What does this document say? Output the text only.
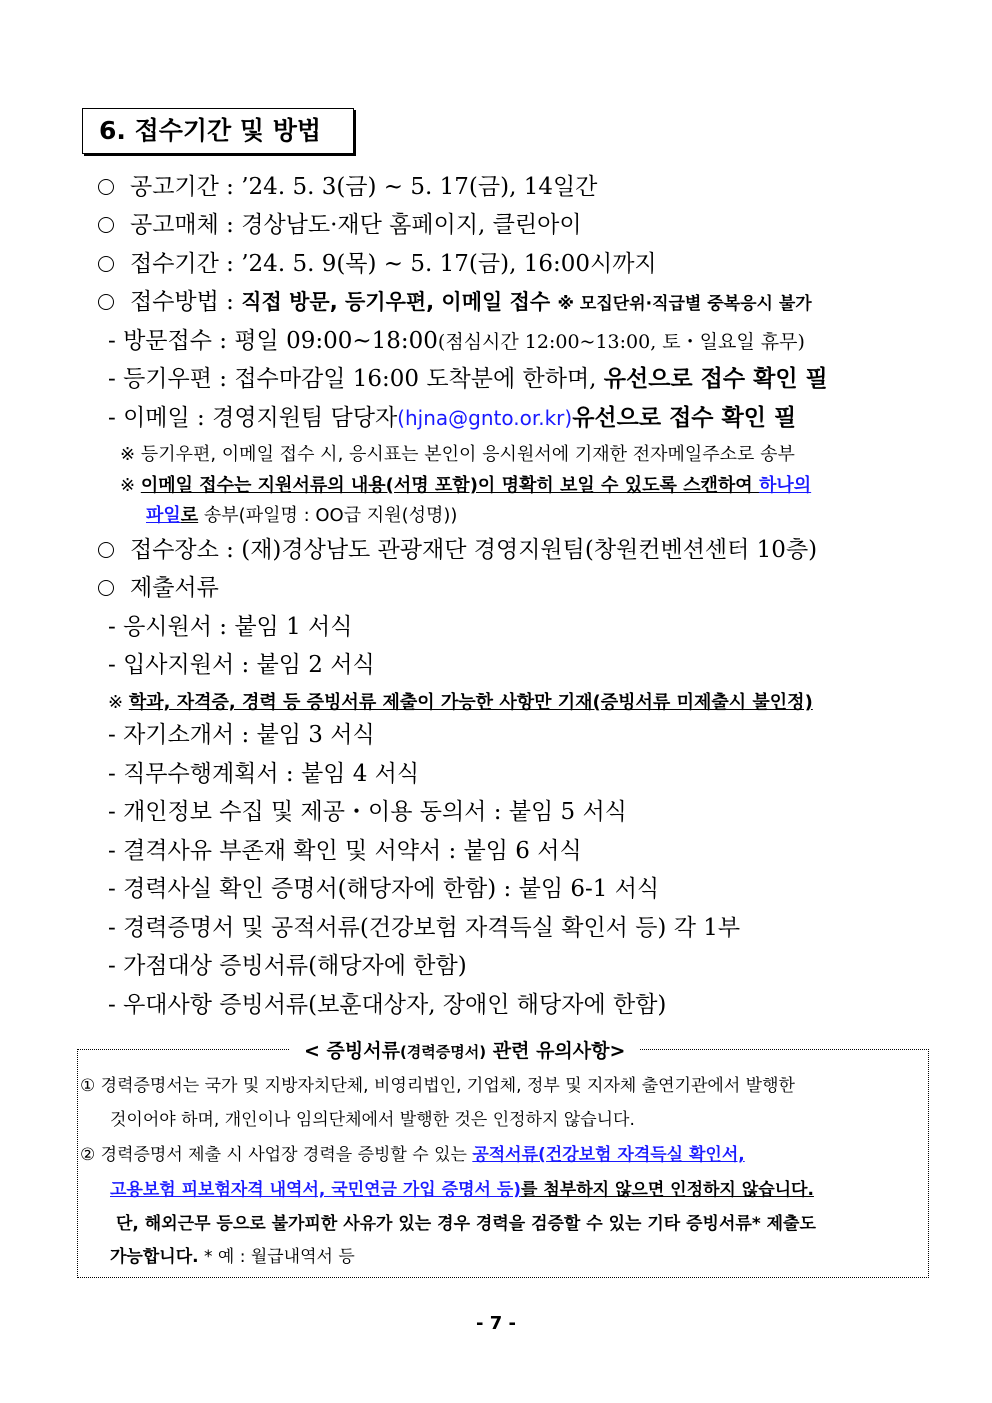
6. 접수기간 및 방법
공고기간 : ’24. 5. 3(금) ~ 5. 17(금), 14일간
공고매체 : 경상남도·재단 홈페이지, 클린아이
접수기간 : ’24. 5. 9(목) ~ 5. 17(금), 16:00시까지
접수방법 : 직접 방문, 등기우편, 이메일 접수 ※ 모집단위·직급별 중복응시 불가
- 방문접수 : 평일 09:00~18:00(점심시간 12:00~13:00, 토・일요일 휴무)
- 등기우편 : 접수마감일 16:00 도착분에 한하며, 유선으로 접수 확인 필
- 이메일 : 경영지원팀 담당자(hjna@gnto.or.kr)유선으로 접수 확인 필
※ 등기우편, 이메일 접수 시, 응시표는 본인이 응시원서에 기재한 전자메일주소로 송부
※ 이메일 접수는 지원서류의 내용(서명 포함)이 명확히 보일 수 있도록 스캔하여 하나의
파일로 송부(파일명 : OO급 지원(성명))
접수장소 : (재)경상남도 관광재단 경영지원팀(창원컨벤션센터 10층)
제출서류
- 응시원서 : 붙임 1 서식
- 입사지원서 : 붙임 2 서식
※ 학과, 자격증, 경력 등 증빙서류 제출이 가능한 사항만 기재(증빙서류 미제출시 불인정)
- 자기소개서 : 붙임 3 서식
- 직무수행계획서 : 붙임 4 서식
- 개인정보 수집 및 제공・이용 동의서 : 붙임 5 서식
- 결격사유 부존재 확인 및 서약서 : 붙임 6 서식
- 경력사실 확인 증명서(해당자에 한함) : 붙임 6-1 서식
- 경력증명서 및 공적서류(건강보험 자격득실 확인서 등) 각 1부
- 가점대상 증빙서류(해당자에 한함)
- 우대사항 증빙서류(보훈대상자, 장애인 해당자에 한함)
< 증빙서류(경력증명서) 관련 유의사항>
① 경력증명서는 국가 및 지방자치단체, 비영리법인, 기업체, 정부 및 지자체 출연기관에서 발행한
것이어야 하며, 개인이나 임의단체에서 발행한 것은 인정하지 않습니다.
② 경력증명서 제출 시 사업장 경력을 증빙할 수 있는 공적서류(건강보험 자격득실 확인서,
고용보험 피보험자격 내역서, 국민연금 가입 증명서 등)를 첨부하지 않으면 인정하지 않습니다.
단, 해외근무 등으로 불가피한 사유가 있는 경우 경력을 검증할 수 있는 기타 증빙서류* 제출도
가능합니다. * 예 : 월급내역서 등
- 7 -
